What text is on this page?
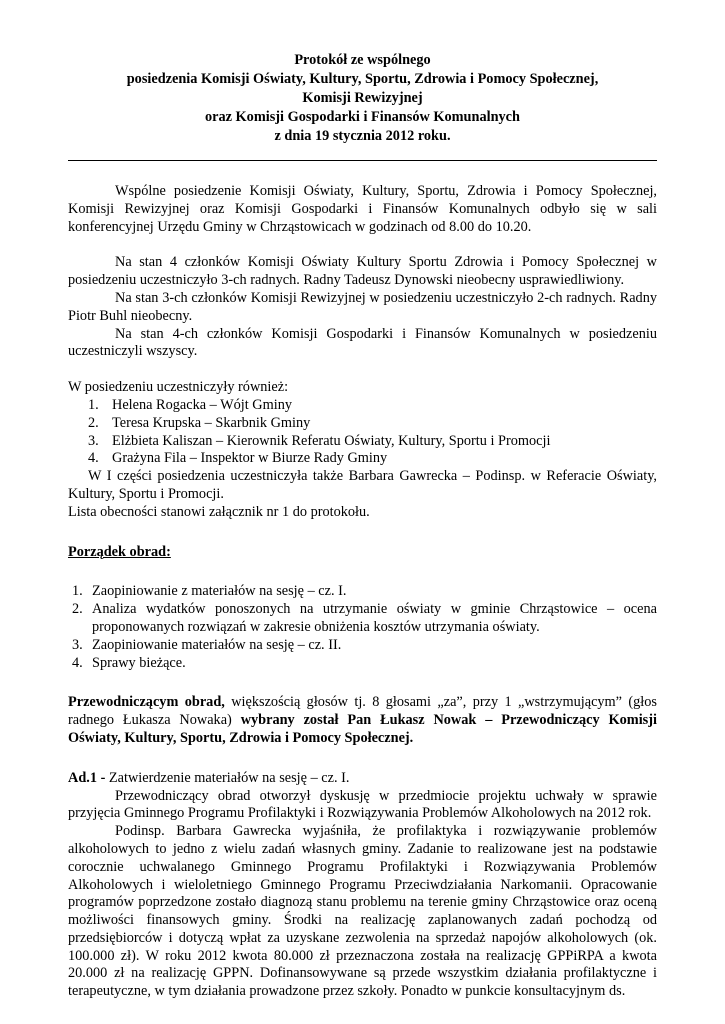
Protokół ze wspólnego
posiedzenia Komisji Oświaty, Kultury, Sportu, Zdrowia i Pomocy Społecznej,
Komisji Rewizyjnej
oraz Komisji Gospodarki i Finansów Komunalnych
z dnia 19 stycznia 2012 roku.

Wspólne posiedzenie Komisji Oświaty, Kultury, Sportu, Zdrowia i Pomocy Społecznej, Komisji Rewizyjnej oraz Komisji Gospodarki i Finansów Komunalnych odbyło się w sali konferencyjnej Urzędu Gminy w Chrząstowicach w godzinach od 8.00 do 10.20.

Na stan 4 członków Komisji Oświaty Kultury Sportu Zdrowia i Pomocy Społecznej w posiedzeniu uczestniczyło 3-ch radnych. Radny Tadeusz Dynowski nieobecny usprawiedliwiony.

Na stan 3-ch członków Komisji Rewizyjnej w posiedzeniu uczestniczyło 2-ch radnych. Radny Piotr Buhl nieobecny.

Na stan 4-ch członków Komisji Gospodarki i Finansów Komunalnych w posiedzeniu uczestniczyli wszyscy.

W posiedzeniu uczestniczyły również:

1. Helena Rogacka – Wójt Gminy
2. Teresa Krupska – Skarbnik Gminy
3. Elżbieta Kaliszan – Kierownik Referatu Oświaty, Kultury, Sportu i Promocji
4. Grażyna Fila – Inspektor w Biurze Rady Gminy

W I części posiedzenia uczestniczyła także Barbara Gawrecka – Podinsp. w Referacie Oświaty, Kultury, Sportu i Promocji.

Lista obecności stanowi załącznik nr 1 do protokołu.

Porządek obrad:

1. Zaopiniowanie z materiałów na sesję – cz. I.
2. Analiza wydatków ponoszonych na utrzymanie oświaty w gminie Chrząstowice – ocena proponowanych rozwiązań w zakresie obniżenia kosztów utrzymania oświaty.
3. Zaopiniowanie materiałów na sesję – cz. II.
4. Sprawy bieżące.

Przewodniczącym obrad, większością głosów tj. 8 głosami „za”, przy 1 „wstrzymującym” (głos radnego Łukasza Nowaka) wybrany został Pan Łukasz Nowak – Przewodniczący Komisji Oświaty, Kultury, Sportu, Zdrowia i Pomocy Społecznej.

Ad.1 - Zatwierdzenie materiałów na sesję – cz. I.

Przewodniczący obrad otworzył dyskusję w przedmiocie projektu uchwały w sprawie przyjęcia Gminnego Programu Profilaktyki i Rozwiązywania Problemów Alkoholowych na 2012 rok.

Podinsp. Barbara Gawrecka wyjaśniła, że profilaktyka i rozwiązywanie problemów alkoholowych to jedno z wielu zadań własnych gminy. Zadanie to realizowane jest na podstawie corocznie uchwalanego Gminnego Programu Profilaktyki i Rozwiązywania Problemów Alkoholowych i wieloletniego Gminnego Programu Przeciwdziałania Narkomanii. Opracowanie programów poprzedzone zostało diagnozą stanu problemu na terenie gminy Chrząstowice oraz oceną możliwości finansowych gminy. Środki na realizację zaplanowanych zadań pochodzą od przedsiębiorców i dotyczą wpłat za uzyskane zezwolenia na sprzedaż napojów alkoholowych (ok. 100.000 zł). W roku 2012 kwota 80.000 zł przeznaczona została na realizację GPPiRPA a kwota 20.000 zł na realizację GPPN. Dofinansowywane są przede wszystkim działania profilaktyczne i terapeutyczne, w tym działania prowadzone przez szkoły. Ponadto w punkcie konsultacyjnym ds.
